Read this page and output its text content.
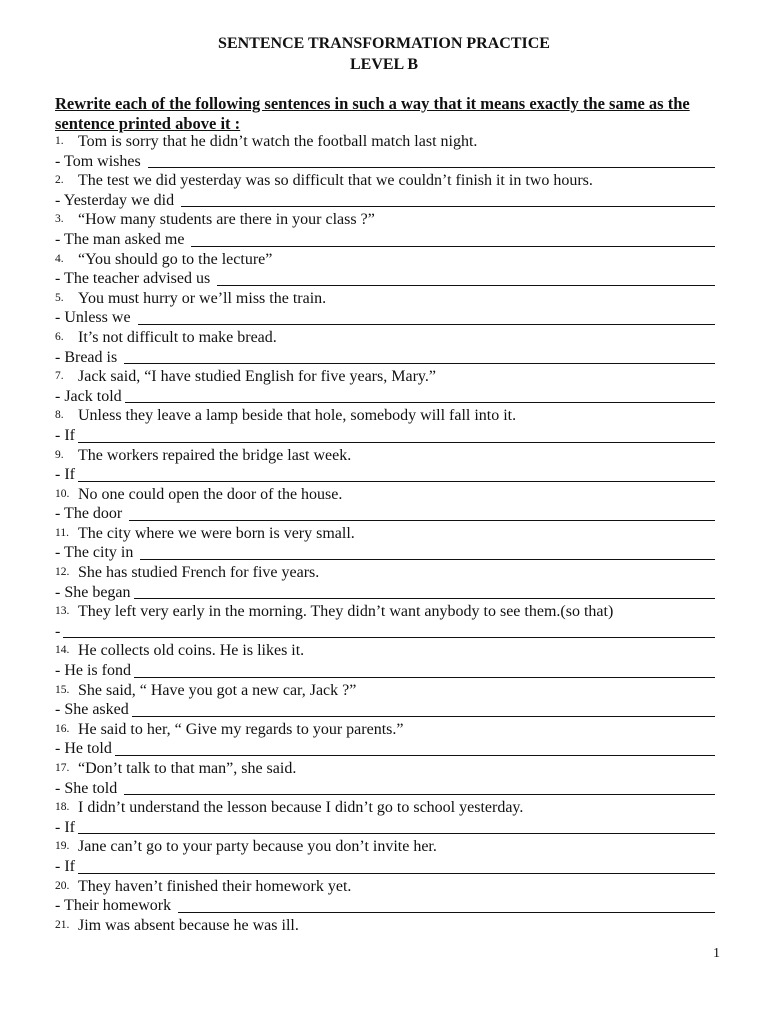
SENTENCE TRANSFORMATION PRACTICE
LEVEL B
Rewrite each of the following sentences in such a way that it means exactly the same as the sentence printed above it :
1. Tom is sorry that he didn’t watch the football match last night.
- Tom wishes
2. The test we did yesterday was so difficult that we couldn’t finish it in two hours.
- Yesterday we did
3. “How many students are there in your class ?”
- The man asked me
4. “You should go to the lecture”
- The teacher advised us
5. You must hurry or we’ll miss the train.
- Unless we
6. It’s not difficult to make bread.
- Bread is
7. Jack said, “I have studied English for five years, Mary.”
- Jack told
8. Unless they leave a lamp beside that hole, somebody will fall into it.
- If
9. The workers repaired the bridge last week.
- If
10. No one could open the door of the house.
- The door
11. The city where we were born is very small.
- The city in
12. She has studied French for five years.
- She began
13. They left very early in the morning. They didn’t want anybody to see them.(so that)
-
14. He collects old coins. He is likes it.
- He is fond
15. She said, “ Have you got a new car, Jack ?”
- She asked
16. He said to her, “ Give my regards to your parents.”
- He told
17. “Don’t talk to that man”, she said.
- She told
18. I didn’t understand the lesson because I didn’t go to school yesterday.
- If
19. Jane can’t go to your party because you don’t invite her.
- If
20. They haven’t finished their homework yet.
- Their homework
21. Jim was absent because he was ill.
1
